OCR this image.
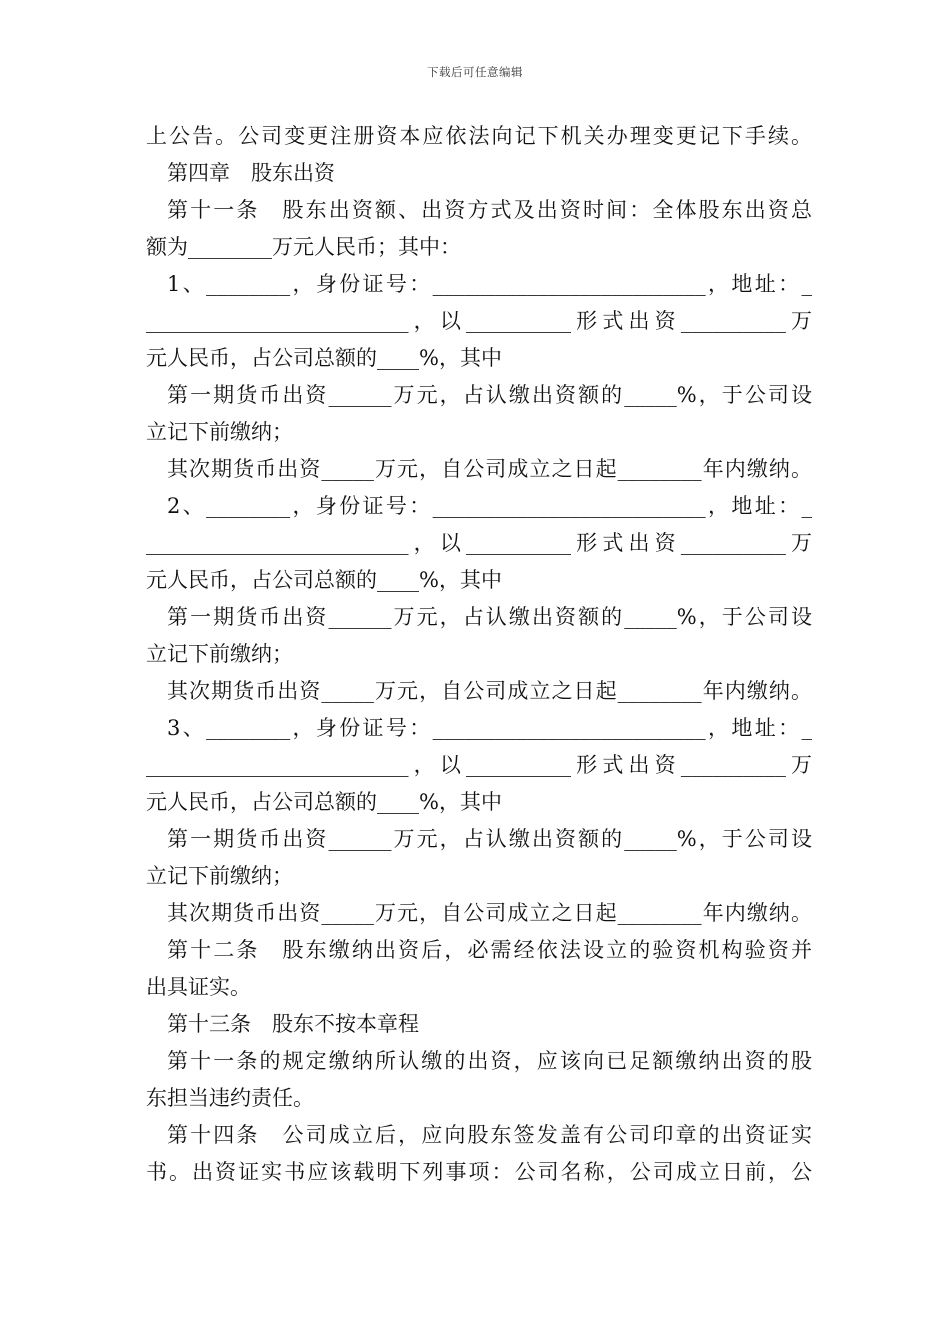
下载后可任意编辑
上公告。公司变更注册资本应依法向记下机关办理变更记下手续。
第四章　股东出资
第十一条　股东出资额、出资方式及出资时间：全体股东出资总
额为________万元人民币；其中：
1、________，身份证号：__________________________，地址：_
_________________________，以__________形式出资__________万
元人民币，占公司总额的____%，其中
第一期货币出资______万元，占认缴出资额的_____%，于公司设
立记下前缴纳；
其次期货币出资_____万元，自公司成立之日起________年内缴纳。
2、________，身份证号：__________________________，地址：_
_________________________，以__________形式出资__________万
元人民币，占公司总额的____%，其中
第一期货币出资______万元，占认缴出资额的_____%，于公司设
立记下前缴纳；
其次期货币出资_____万元，自公司成立之日起________年内缴纳。
3、________，身份证号：__________________________，地址：_
_________________________，以__________形式出资__________万
元人民币，占公司总额的____%，其中
第一期货币出资______万元，占认缴出资额的_____%，于公司设
立记下前缴纳；
其次期货币出资_____万元，自公司成立之日起________年内缴纳。
第十二条　股东缴纳出资后，必需经依法设立的验资机构验资并
出具证实。
第十三条　股东不按本章程
第十一条的规定缴纳所认缴的出资，应该向已足额缴纳出资的股
东担当违约责任。
第十四条　公司成立后，应向股东签发盖有公司印章的出资证实
书。出资证实书应该载明下列事项：公司名称，公司成立日前，公
